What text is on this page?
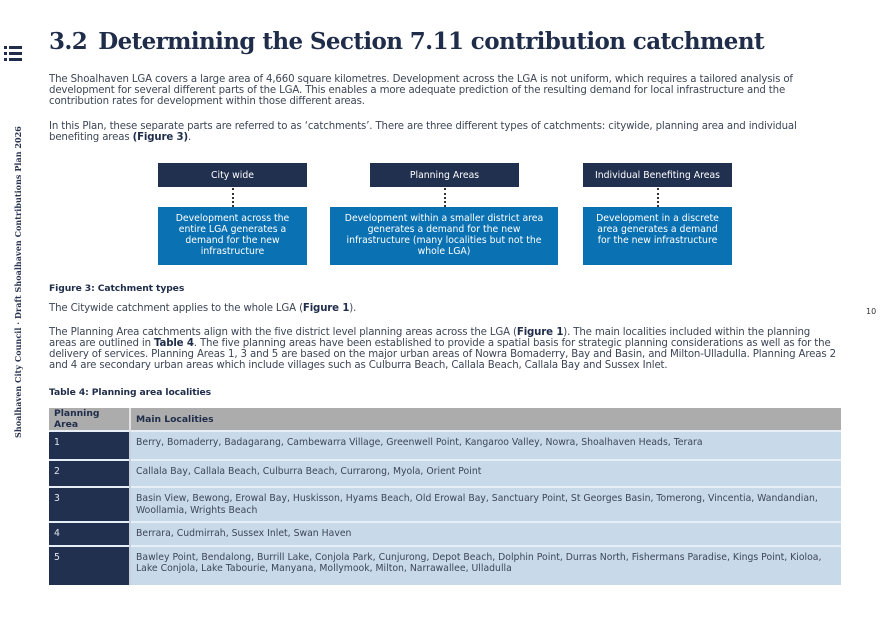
Shoalhaven City Council · Draft Shoalhaven Contributions Plan 2026	10
3.2 Determining the Section 7.11 contribution catchment

The Shoalhaven LGA covers a large area of 4,660 square kilometres. Development across the LGA is not uniform, which requires a tailored analysis of development for several different parts of the LGA. This enables a more adequate prediction of the resulting demand for local infrastructure and the contribution rates for development within those different areas.

In this Plan, these separate parts are referred to as ‘catchments’. There are three different types of catchments: citywide, planning area and individual benefiting areas (Figure 3).

City wide	Planning Areas	Individual Benefiting Areas
Development across the entire LGA generates a demand for the new infrastructure
Development within a smaller district area generates a demand for the new infrastructure (many localities but not the whole LGA)
Development in a discrete area generates a demand for the new infrastructure
Figure 3: Catchment types

The Citywide catchment applies to the whole LGA (Figure 1).

The Planning Area catchments align with the five district level planning areas across the LGA (Figure 1). The main localities included within the planning areas are outlined in Table 4. The five planning areas have been established to provide a spatial basis for strategic planning considerations as well as for the delivery of services. Planning Areas 1, 3 and 5 are based on the major urban areas of Nowra Bomaderry, Bay and Basin, and Milton-Ulladulla. Planning Areas 2 and 4 are secondary urban areas which include villages such as Culburra Beach, Callala Beach, Callala Bay and Sussex Inlet.

Table 4: Planning area localities
Planning Area	Main Localities
1	Berry, Bomaderry, Badagarang, Cambewarra Village, Greenwell Point, Kangaroo Valley, Nowra, Shoalhaven Heads, Terara
2	Callala Bay, Callala Beach, Culburra Beach, Currarong, Myola, Orient Point
3	Basin View, Bewong, Erowal Bay, Huskisson, Hyams Beach, Old Erowal Bay, Sanctuary Point, St Georges Basin, Tomerong, Vincentia, Wandandian, Woollamia, Wrights Beach
4	Berrara, Cudmirrah, Sussex Inlet, Swan Haven
5	Bawley Point, Bendalong, Burrill Lake, Conjola Park, Cunjurong, Depot Beach, Dolphin Point, Durras North, Fishermans Paradise, Kings Point, Kioloa, Lake Conjola, Lake Tabourie, Manyana, Mollymook, Milton, Narrawallee, Ulladulla
